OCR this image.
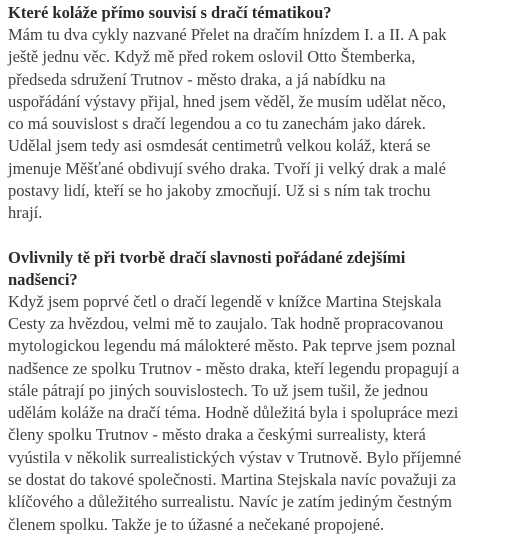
Které koláže přímo souvisí s dračí tématikou?
Mám tu dva cykly nazvané Přelet na dračím hnízdem I. a II. A pak
ještě jednu věc. Když mě před rokem oslovil Otto Štemberka,
předseda sdružení Trutnov - město draka, a já nabídku na
uspořádání výstavy přijal, hned jsem věděl, že musím udělat něco,
co má souvislost s dračí legendou a co tu zanechám jako dárek.
Udělal jsem tedy asi osmdesát centimetrů velkou koláž, která se
jmenuje Měšťané obdivují svého draka. Tvoří ji velký drak a malé
postavy lidí, kteří se ho jakoby zmocňují. Už si s ním tak trochu
hrají.
Ovlivnily tě při tvorbě dračí slavnosti pořádané zdejšími
nadšenci?
Když jsem poprvé četl o dračí legendě v knížce Martina Stejskala
Cesty za hvězdou, velmi mě to zaujalo. Tak hodně propracovanou
mytologickou legendu má málokteré město. Pak teprve jsem poznal
nadšence ze spolku Trutnov - město draka, kteří legendu propagují a
stále pátrají po jiných souvislostech. To už jsem tušil, že jednou
udělám koláže na dračí téma. Hodně důležitá byla i spolupráce mezi
členy spolku Trutnov - město draka a českými surrealisty, která
vyústila v několik surrealistických výstav v Trutnově. Bylo příjemné
se dostat do takové společnosti. Martina Stejskala navíc považuji za
klíčového a důležitého surrealistu. Navíc je zatím jediným čestným
členem spolku. Takže je to úžasné a nečekané propojené.
